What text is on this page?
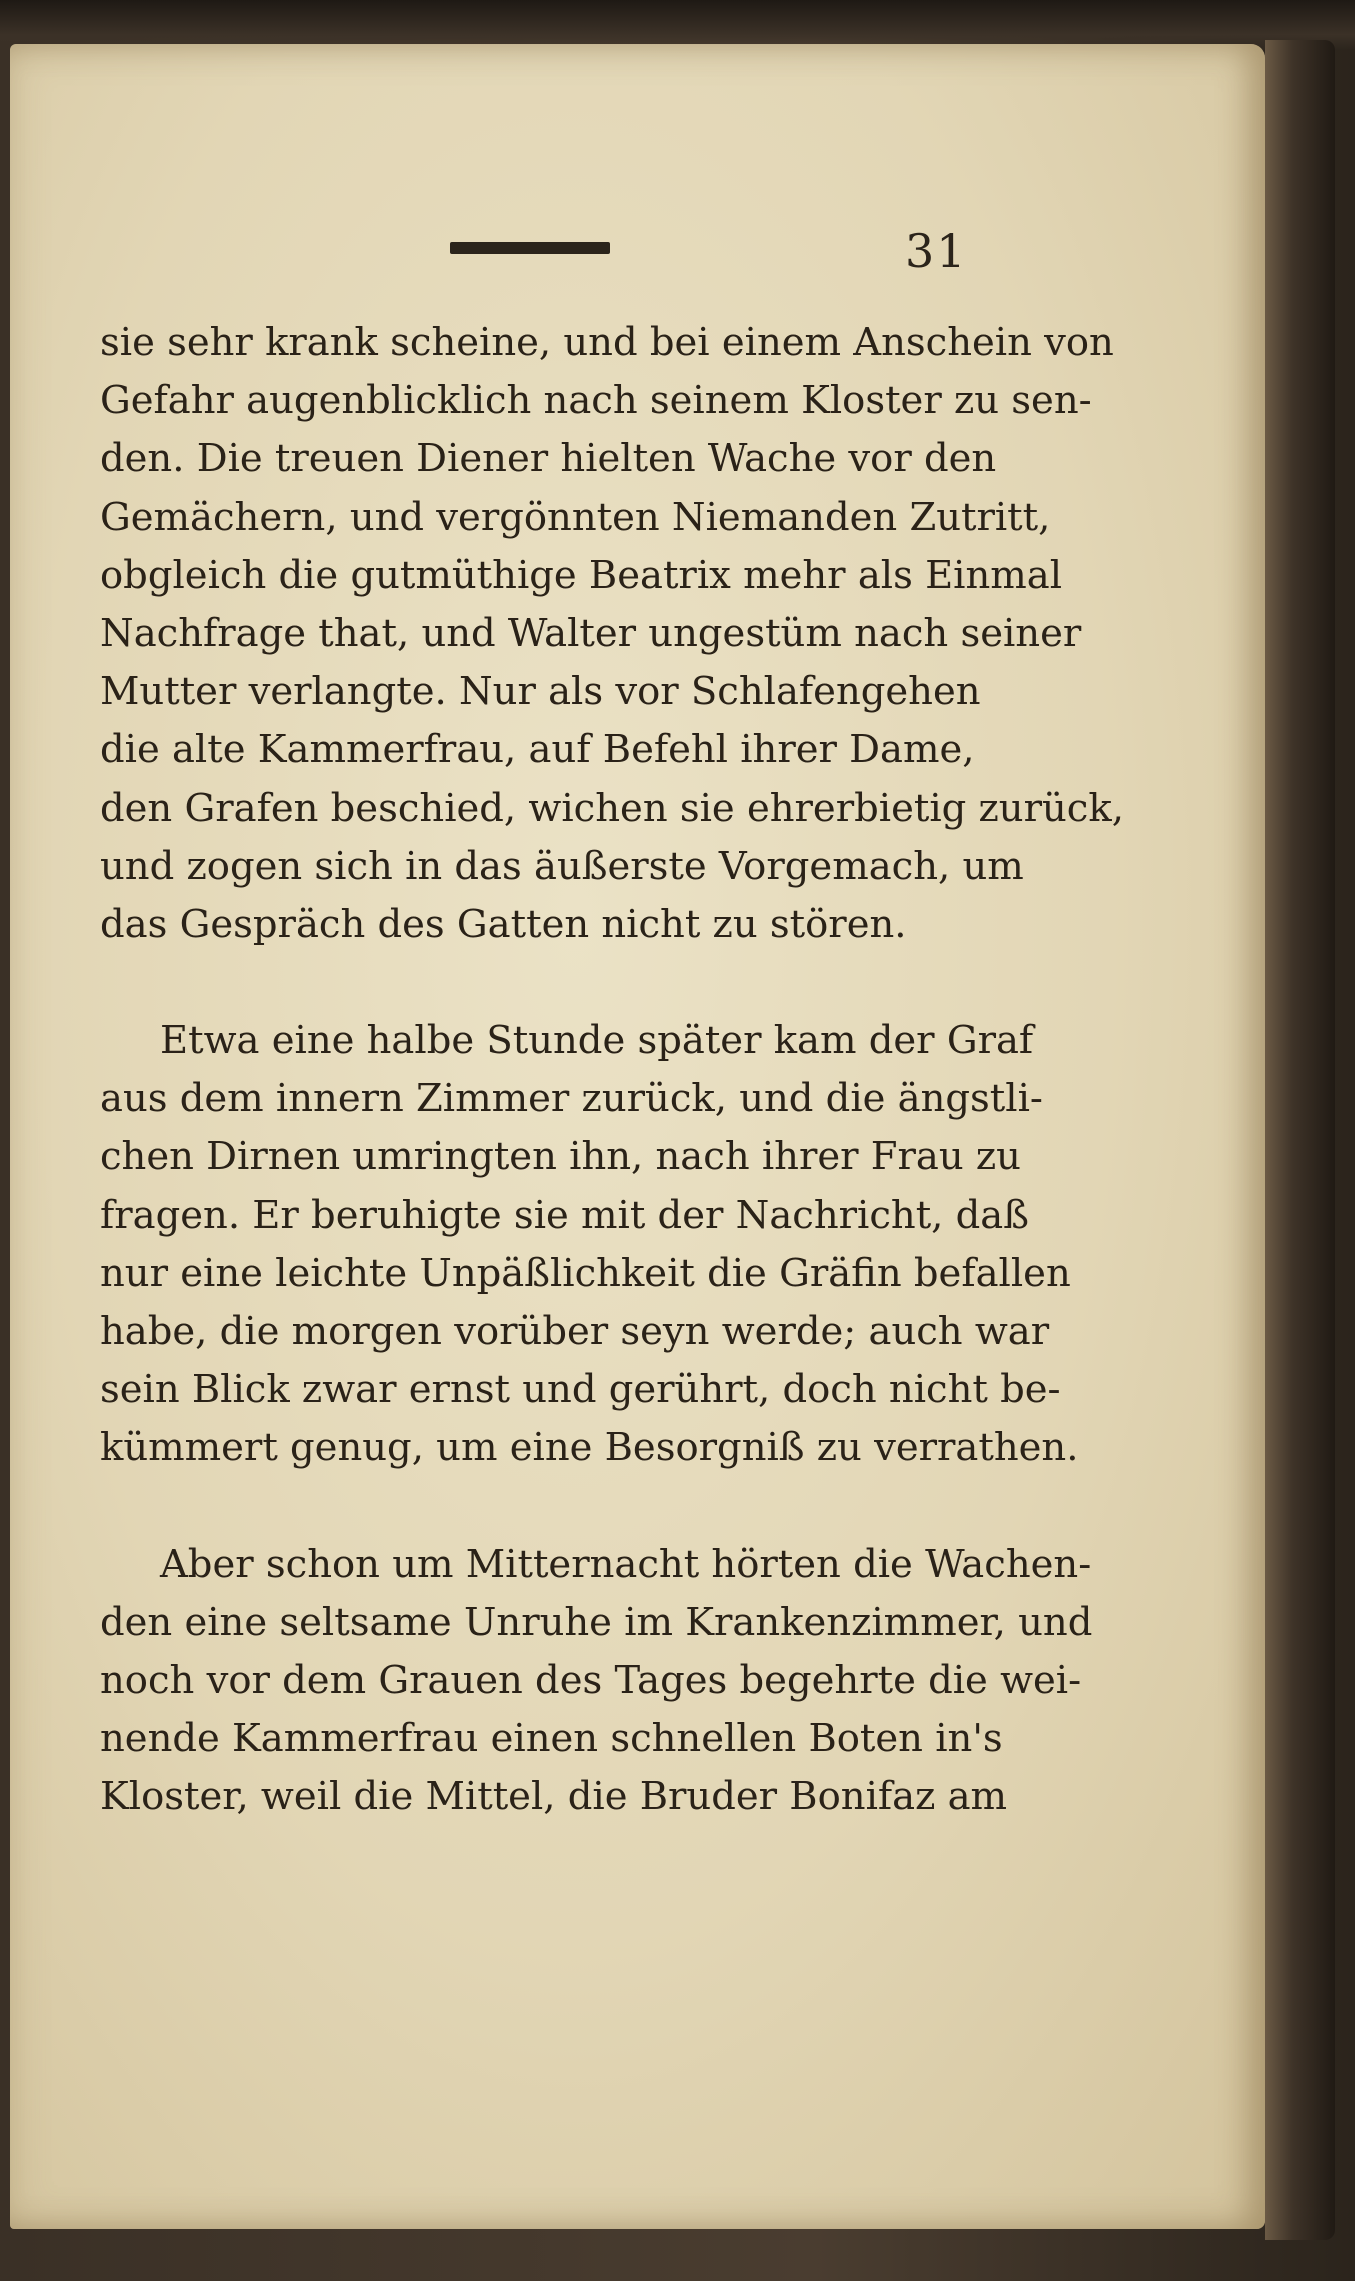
31
sie sehr krank scheine, und bei einem Anschein von
Gefahr augenblicklich nach seinem Kloster zu sen-
den. Die treuen Diener hielten Wache vor den
Gemächern, und vergönnten Niemanden Zutritt,
obgleich die gutmüthige Beatrix mehr als Einmal
Nachfrage that, und Walter ungestüm nach seiner
Mutter verlangte. Nur als vor Schlafengehen
die alte Kammerfrau, auf Befehl ihrer Dame,
den Grafen beschied, wichen sie ehrerbietig zurück,
und zogen sich in das äußerste Vorgemach, um
das Gespräch des Gatten nicht zu stören.
Etwa eine halbe Stunde später kam der Graf
aus dem innern Zimmer zurück, und die ängstli-
chen Dirnen umringten ihn, nach ihrer Frau zu
fragen. Er beruhigte sie mit der Nachricht, daß
nur eine leichte Unpäßlichkeit die Gräfin befallen
habe, die morgen vorüber seyn werde; auch war
sein Blick zwar ernst und gerührt, doch nicht be-
kümmert genug, um eine Besorgniß zu verrathen.
Aber schon um Mitternacht hörten die Wachen-
den eine seltsame Unruhe im Krankenzimmer, und
noch vor dem Grauen des Tages begehrte die wei-
nende Kammerfrau einen schnellen Boten in's
Kloster, weil die Mittel, die Bruder Bonifaz am
